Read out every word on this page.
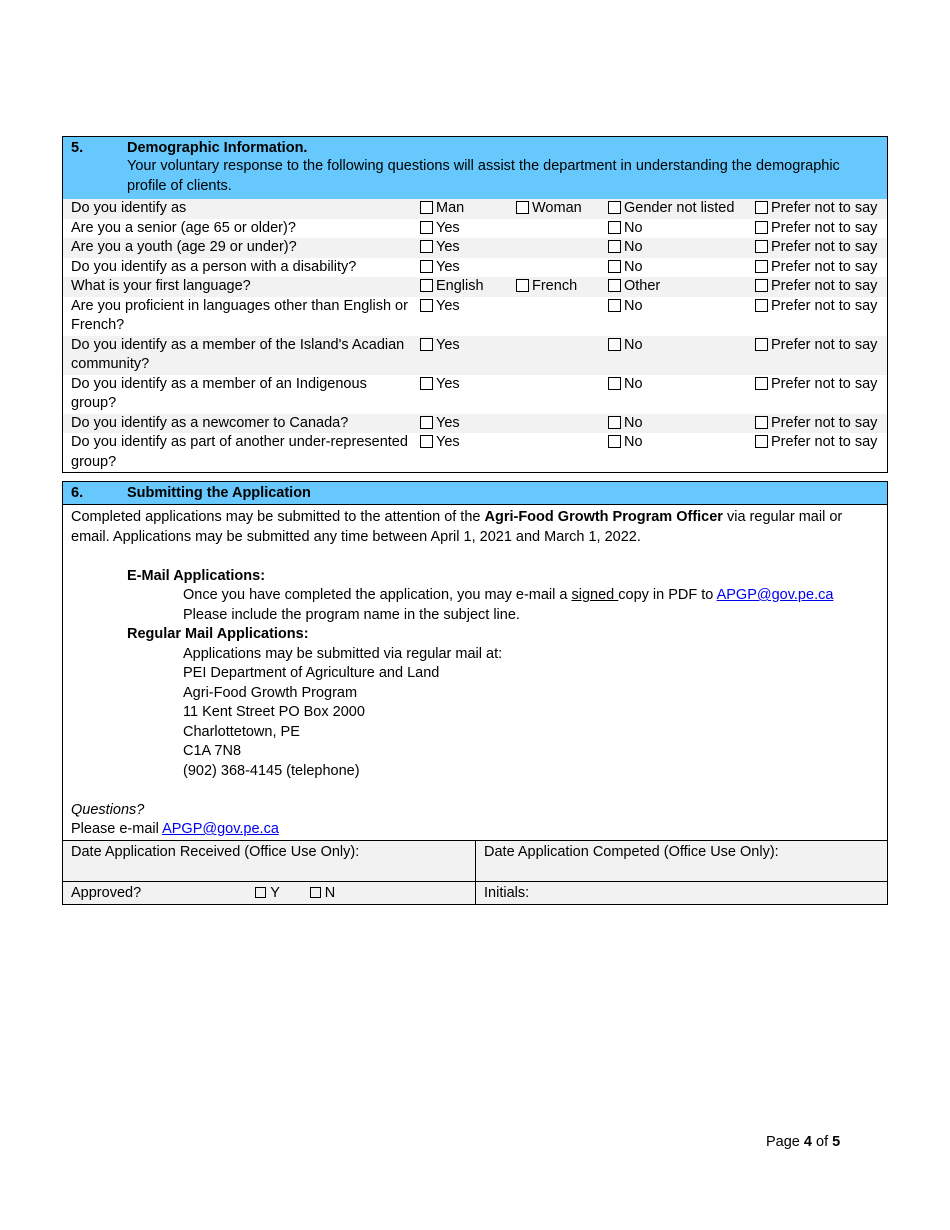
5.	Demographic Information.
Your voluntary response to the following questions will assist the department in understanding the demographic profile of clients.
Do you identify as	Man	Woman	Gender not listed	Prefer not to say
Are you a senior (age 65 or older)?	Yes	No	Prefer not to say
Are you a youth (age 29 or under)?	Yes	No	Prefer not to say
Do you identify as a person with a disability?	Yes	No	Prefer not to say
What is your first language?	English	French	Other	Prefer not to say
Are you proficient in languages other than English or French?
Yes	No	Prefer not to say
Do you identify as a member of the Island's Acadian community?
Yes	No	Prefer not to say
Do you identify as a member of an Indigenous group?
Yes	No	Prefer not to say
Do you identify as a newcomer to Canada?	Yes	No	Prefer not to say
Do you identify as part of another under-represented group?
Yes	No	Prefer not to say
6.	Submitting the Application
Completed applications may be submitted to the attention of the Agri-Food Growth Program Officer via regular mail or email. Applications may be submitted any time between April 1, 2021 and March 1, 2022.
E-Mail Applications:
Once you have completed the application, you may e-mail a signed copy in PDF to APGP@gov.pe.ca
Please include the program name in the subject line.
Regular Mail Applications:
Applications may be submitted via regular mail at:
PEI Department of Agriculture and Land
Agri-Food Growth Program
11 Kent Street PO Box 2000
Charlottetown, PE
C1A 7N8
(902) 368-4145 (telephone)
Questions?
Please e-mail APGP@gov.pe.ca
Date Application Received (Office Use Only):	Date Application Competed (Office Use Only):
Approved?	Y	N	Initials:
Page 4 of 5
